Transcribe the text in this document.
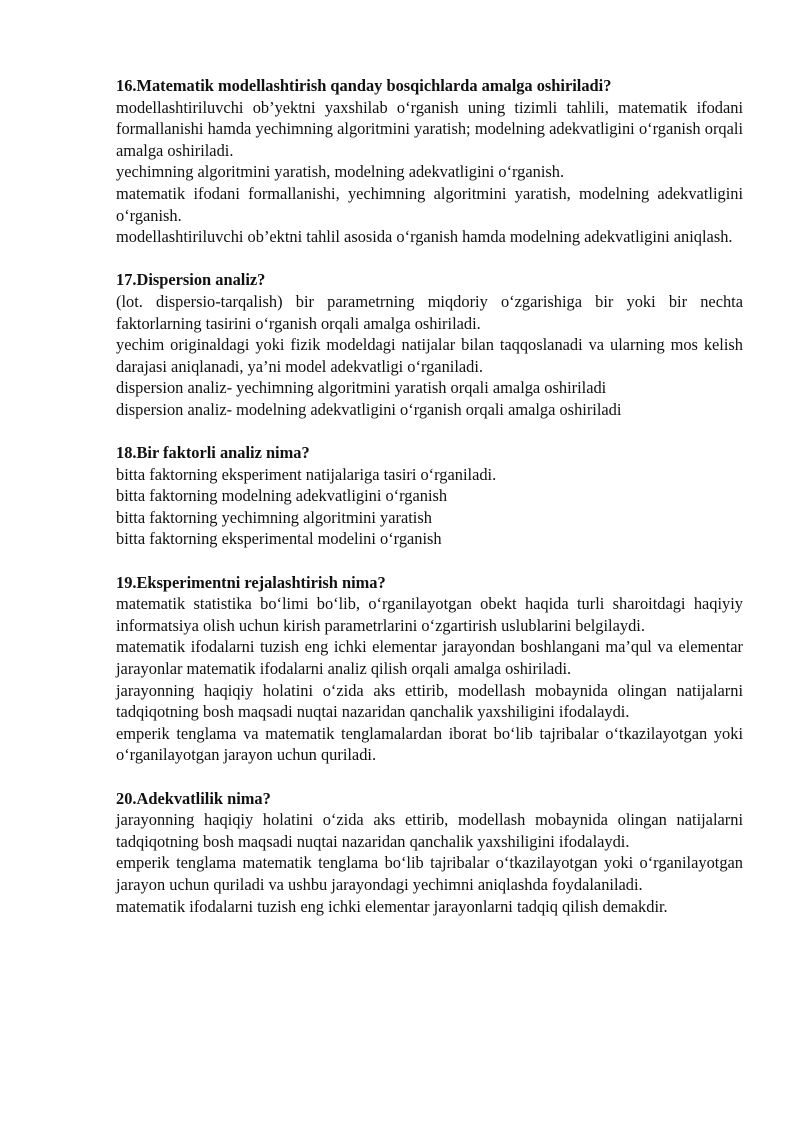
16.Matematik modellashtirish qanday bosqichlarda amalga oshiriladi?

modellashtiriluvchi ob’yektni yaxshilab o‘rganish uning tizimli tahlili, matematik ifodani formallanishi hamda yechimning algoritmini yaratish; modelning adekvatligini o‘rganish orqali amalga oshiriladi.

yechimning algoritmini yaratish, modelning adekvatligini o‘rganish.

matematik ifodani formallanishi, yechimning algoritmini yaratish, modelning adekvatligini o‘rganish.

modellashtiriluvchi ob’ektni tahlil asosida o‘rganish hamda modelning adekvatligini aniqlash.

17.Dispersion analiz?

(lot. dispersio-tarqalish) bir parametrning miqdoriy o‘zgarishiga bir yoki bir nechta faktorlarning tasirini o‘rganish orqali amalga oshiriladi.

yechim originaldagi yoki fizik modeldagi natijalar bilan taqqoslanadi va ularning mos kelish darajasi aniqlanadi, ya’ni model adekvatligi o‘rganiladi.

dispersion analiz- yechimning algoritmini yaratish orqali amalga oshiriladi

dispersion analiz- modelning adekvatligini o‘rganish orqali amalga oshiriladi

18.Bir faktorli analiz nima?

bitta faktorning eksperiment natijalariga tasiri o‘rganiladi.

bitta faktorning modelning adekvatligini o‘rganish

bitta faktorning yechimning algoritmini yaratish

bitta faktorning eksperimental modelini o‘rganish

19.Eksperimentni rejalashtirish nima?

matematik statistika bo‘limi bo‘lib, o‘rganilayotgan obekt haqida turli sharoitdagi haqiyiy informatsiya olish uchun kirish parametrlarini o‘zgartirish uslublarini belgilaydi.

matematik ifodalarni tuzish eng ichki elementar jarayondan boshlangani ma’qul va elementar jarayonlar matematik ifodalarni analiz qilish orqali amalga oshiriladi.

jarayonning haqiqiy holatini o‘zida aks ettirib, modellash mobaynida olingan natijalarni tadqiqotning bosh maqsadi nuqtai nazaridan qanchalik yaxshiligini ifodalaydi.

emperik tenglama va matematik tenglamalardan iborat bo‘lib tajribalar o‘tkazilayotgan yoki o‘rganilayotgan jarayon uchun quriladi.

20.Adekvatlilik nima?

jarayonning haqiqiy holatini o‘zida aks ettirib, modellash mobaynida olingan natijalarni tadqiqotning bosh maqsadi nuqtai nazaridan qanchalik yaxshiligini ifodalaydi.

emperik tenglama matematik tenglama bo‘lib tajribalar o‘tkazilayotgan yoki o‘rganilayotgan jarayon uchun quriladi va ushbu jarayondagi yechimni aniqlashda foydalaniladi.

matematik ifodalarni tuzish eng ichki elementar jarayonlarni tadqiq qilish demakdir.
